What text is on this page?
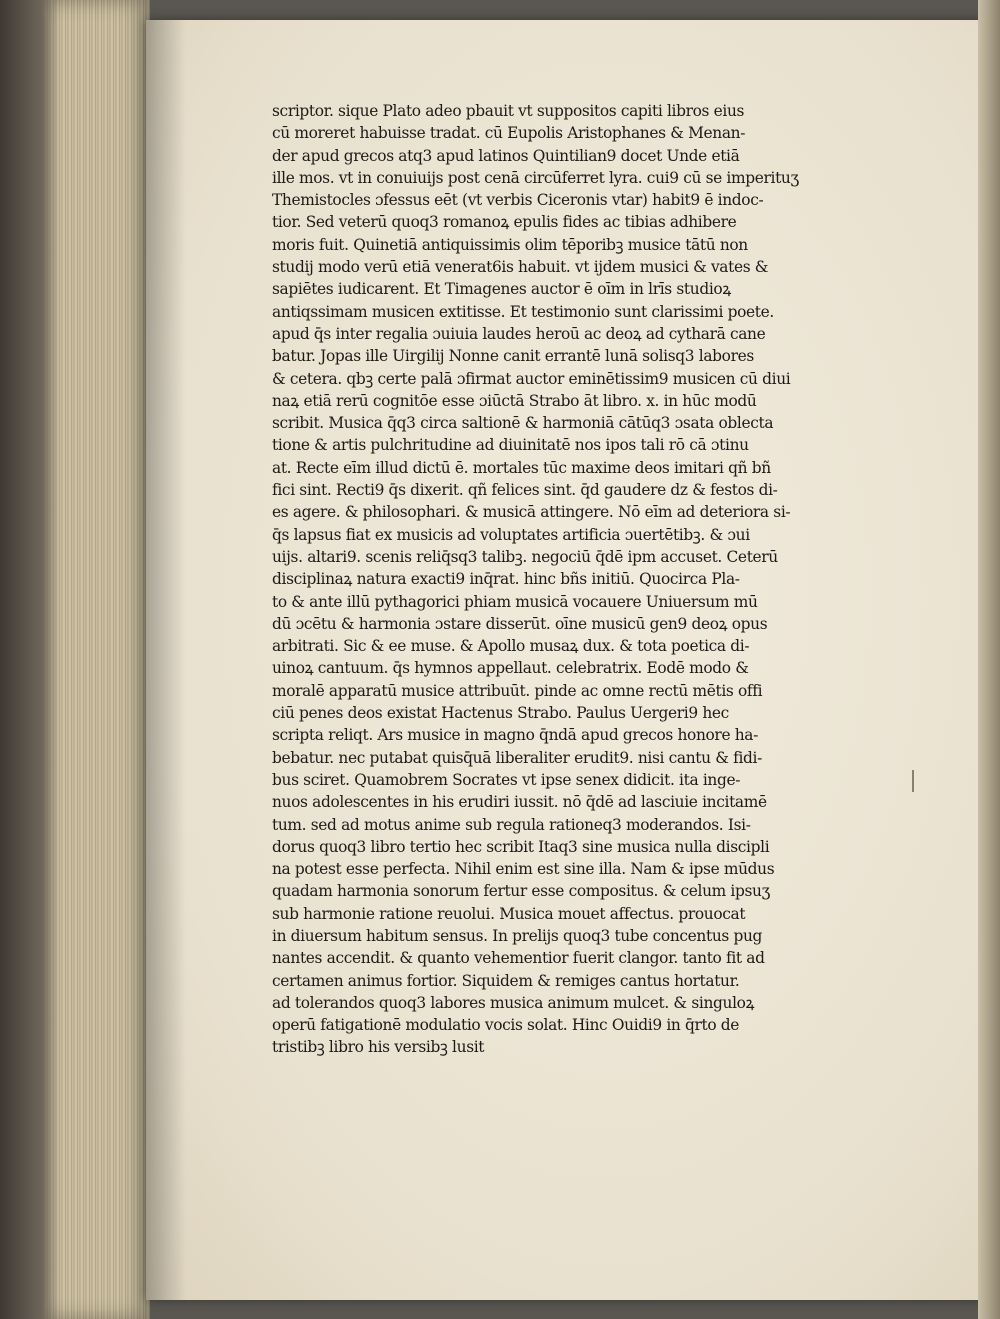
scriptor. sique Plato adeo pbauit vt suppositos capiti libros eius
cū moreret habuisse tradat. cū Eupolis Aristophanes & Menan-
der apud grecos atq3 apud latinos Quintilian9 docet Unde etiā
ille mos. vt in conuiuijs post cenā circūferret lyra. cui9 cū se imperituʒ
Themistocles ɔfessus eēt (vt verbis Ciceronis vtar) habit9 ē indoc-
tior. Sed veterū quoq3 romanoꝝ epulis fides ac tibias adhibere
moris fuit. Quinetiā antiquissimis olim tēporibꝫ musice tātū non
studij modo verū etiā venerat6is habuit. vt ijdem musici & vates &
sapiētes iudicarent. Et Timagenes auctor ē oīm in lrīs studioꝝ
antiqssimam musicen extitisse. Et testimonio sunt clarissimi poete.
apud q̄s inter regalia ɔuiuia laudes heroū ac deoꝝ ad cytharā cane
batur. Jopas ille Uirgilij Nonne canit errantē lunā solisq3 labores
& cetera. qbꝫ certe palā ɔfirmat auctor eminētissim9 musicen cū diui
naꝝ etiā rerū cognitōe esse ɔiūctā Strabo āt libro. x. in hūc modū
scribit. Musica q̄q3 circa saltionē & harmoniā cātūq3 ɔsata oblecta
tione & artis pulchritudine ad diuinitatē nos ipos tali rō cā ɔtinu
at. Recte eīm illud dictū ē. mortales tūc maxime deos imitari qñ bñ
fici sint. Recti9 q̄s dixerit. qñ felices sint. q̄d gaudere dz & festos di-
es agere. & philosophari. & musicā attingere. Nō eīm ad deteriora si-
q̄s lapsus fiat ex musicis ad voluptates artificia ɔuertētibꝫ. & ɔui
uijs. altari9. scenis reliq̄sq3 talibꝫ. negociū q̄dē ipm accuset. Ceterū
disciplinaꝝ natura exacti9 inq̄rat. hinc bñs initiū. Quocirca Pla-
to & ante illū pythagorici phiam musicā vocauere Uniuersum mū
dū ɔcētu & harmonia ɔstare disserūt. oīne musicū gen9 deoꝝ opus
arbitrati. Sic & ee muse. & Apollo musaꝝ dux. & tota poetica di-
uinoꝝ cantuum. q̄s hymnos appellaut. celebratrix. Eodē modo &
moralē apparatū musice attribuūt. pinde ac omne rectū mētis offi
ciū penes deos existat Hactenus Strabo. Paulus Uergeri9 hec
scripta reliqt. Ars musice in magno q̄ndā apud grecos honore ha-
bebatur. nec putabat quisq̄uā liberaliter erudit9. nisi cantu & fidi-
bus sciret. Quamobrem Socrates vt ipse senex didicit. ita inge-
nuos adolescentes in his erudiri iussit. nō q̄dē ad lasciuie incitamē
tum. sed ad motus anime sub regula rationeq3 moderandos. Isi-
dorus quoq3 libro tertio hec scribit Itaq3 sine musica nulla discipli
na potest esse perfecta. Nihil enim est sine illa. Nam & ipse mūdus
quadam harmonia sonorum fertur esse compositus. & celum ipsuʒ
sub harmonie ratione reuolui. Musica mouet affectus. prouocat
in diuersum habitum sensus. In prelijs quoq3 tube concentus pug
nantes accendit. & quanto vehementior fuerit clangor. tanto fit ad
certamen animus fortior. Siquidem & remiges cantus hortatur.
ad tolerandos quoq3 labores musica animum mulcet. & singuloꝝ
operū fatigationē modulatio vocis solat. Hinc Ouidi9 in q̄rto de
tristibꝫ libro his versibꝫ lusit
